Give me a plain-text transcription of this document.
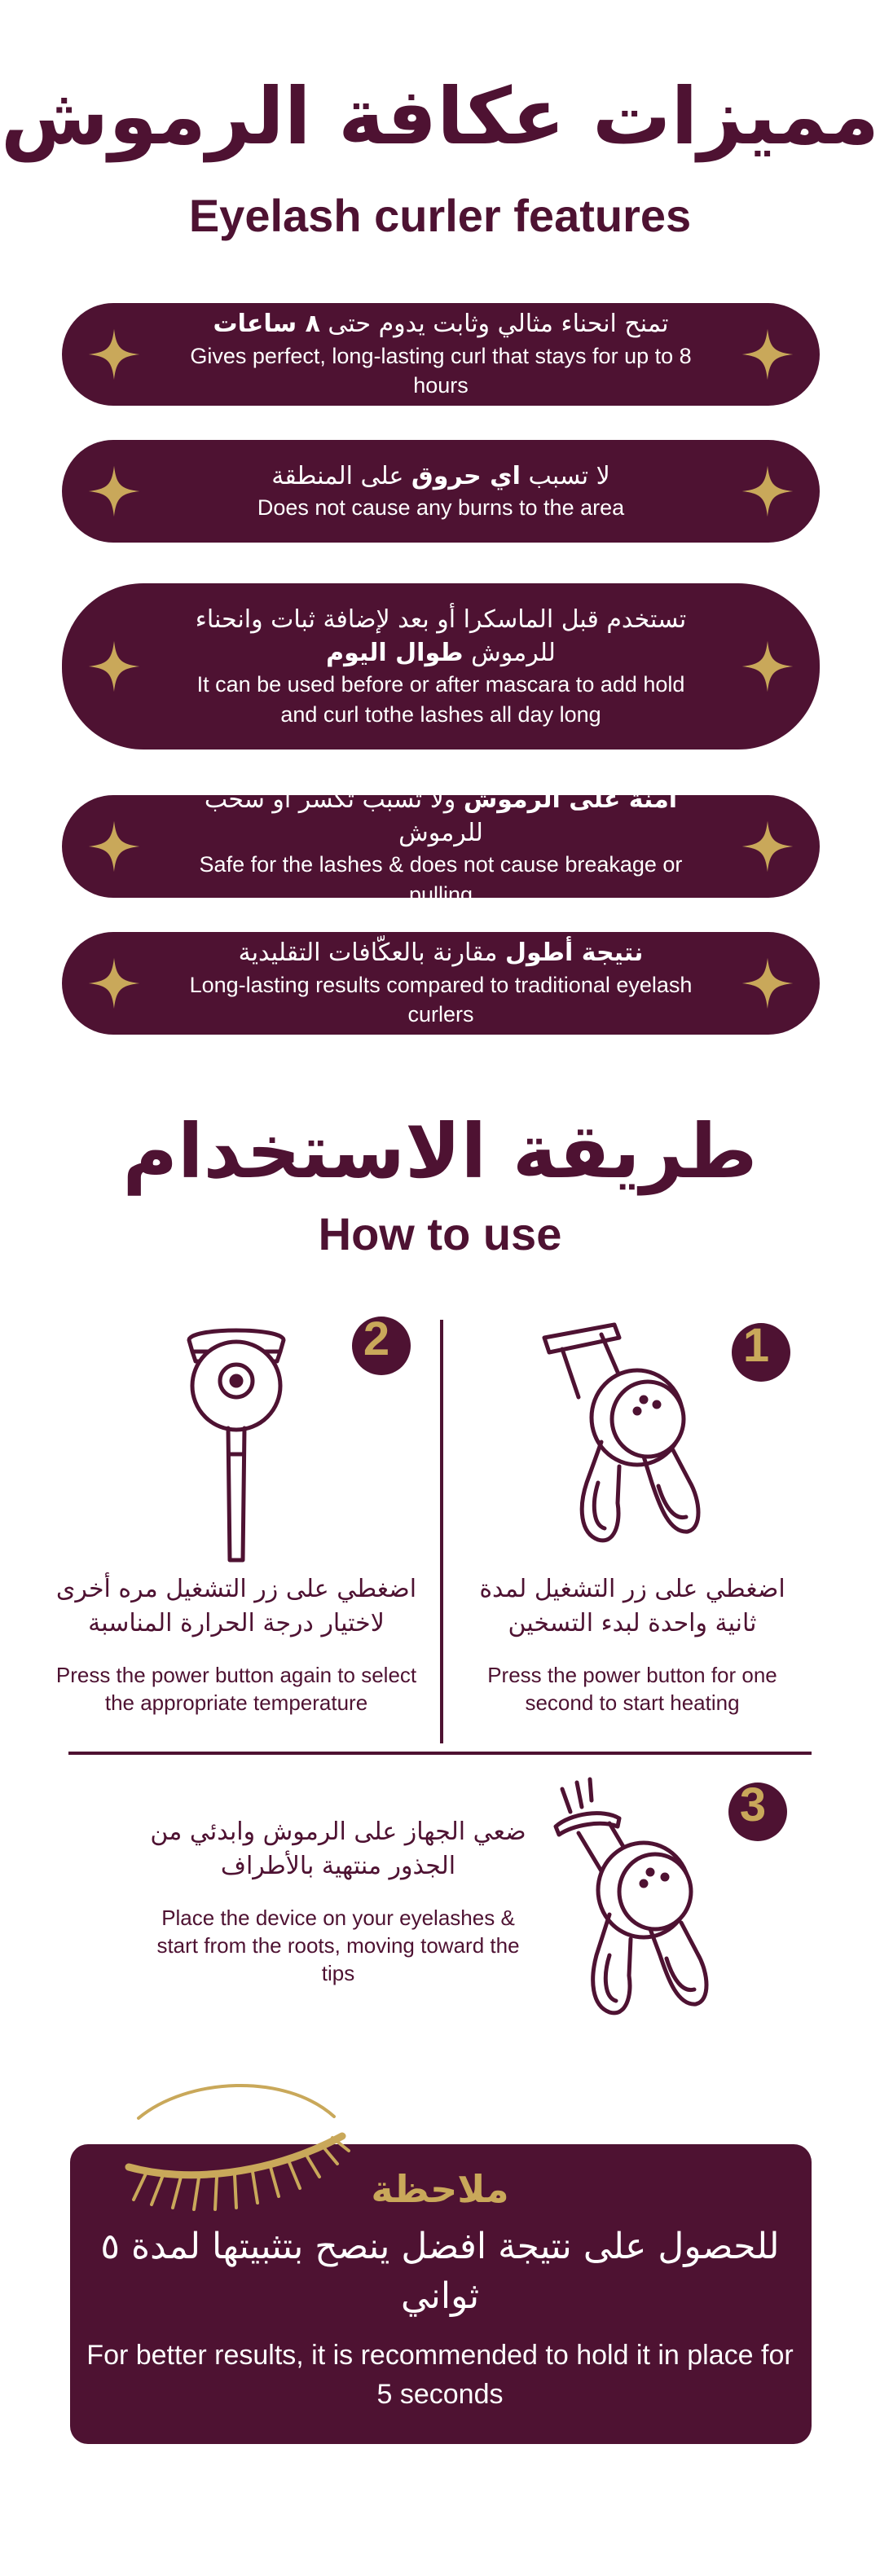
مميزات عكافة الرموش
Eyelash curler features
تمنح انحناء مثالي وثابت يدوم حتى ٨ ساعات
Gives perfect, long-lasting curl that stays for up to 8 hours
لا تسبب اي حروق على المنطقة
Does not cause any burns to the area
تستخدم قبل الماسكرا أو بعد لإضافة ثبات وانحناء للرموش طوال اليوم
It can be used before or after mascara to add hold and curl tothe lashes all day long
آمنة على الرموش ولا تسبب تكسر أو سحب للرموش
Safe for the lashes & does not cause breakage or pulling
نتيجة أطول مقارنة بالعكّافات التقليدية
Long-lasting results compared to traditional eyelash curlers
طريقة الاستخدام
How to use
1
اضغطي على زر التشغيل لمدة ثانية واحدة لبدء التسخين
Press the power button for one second to start heating
2
اضغطي على زر التشغيل مره أخرى لاختيار درجة الحرارة المناسبة
Press the power button again to select the appropriate temperature
3
ضعي الجهاز على الرموش وابدئي من الجذور منتهية بالأطراف
Place the device on your eyelashes & start from the roots, moving toward the tips
ملاحظة
للحصول على نتيجة افضل ينصح بتثبيتها لمدة ٥ ثواني
For better results, it is recommended to hold it in place for 5 seconds
